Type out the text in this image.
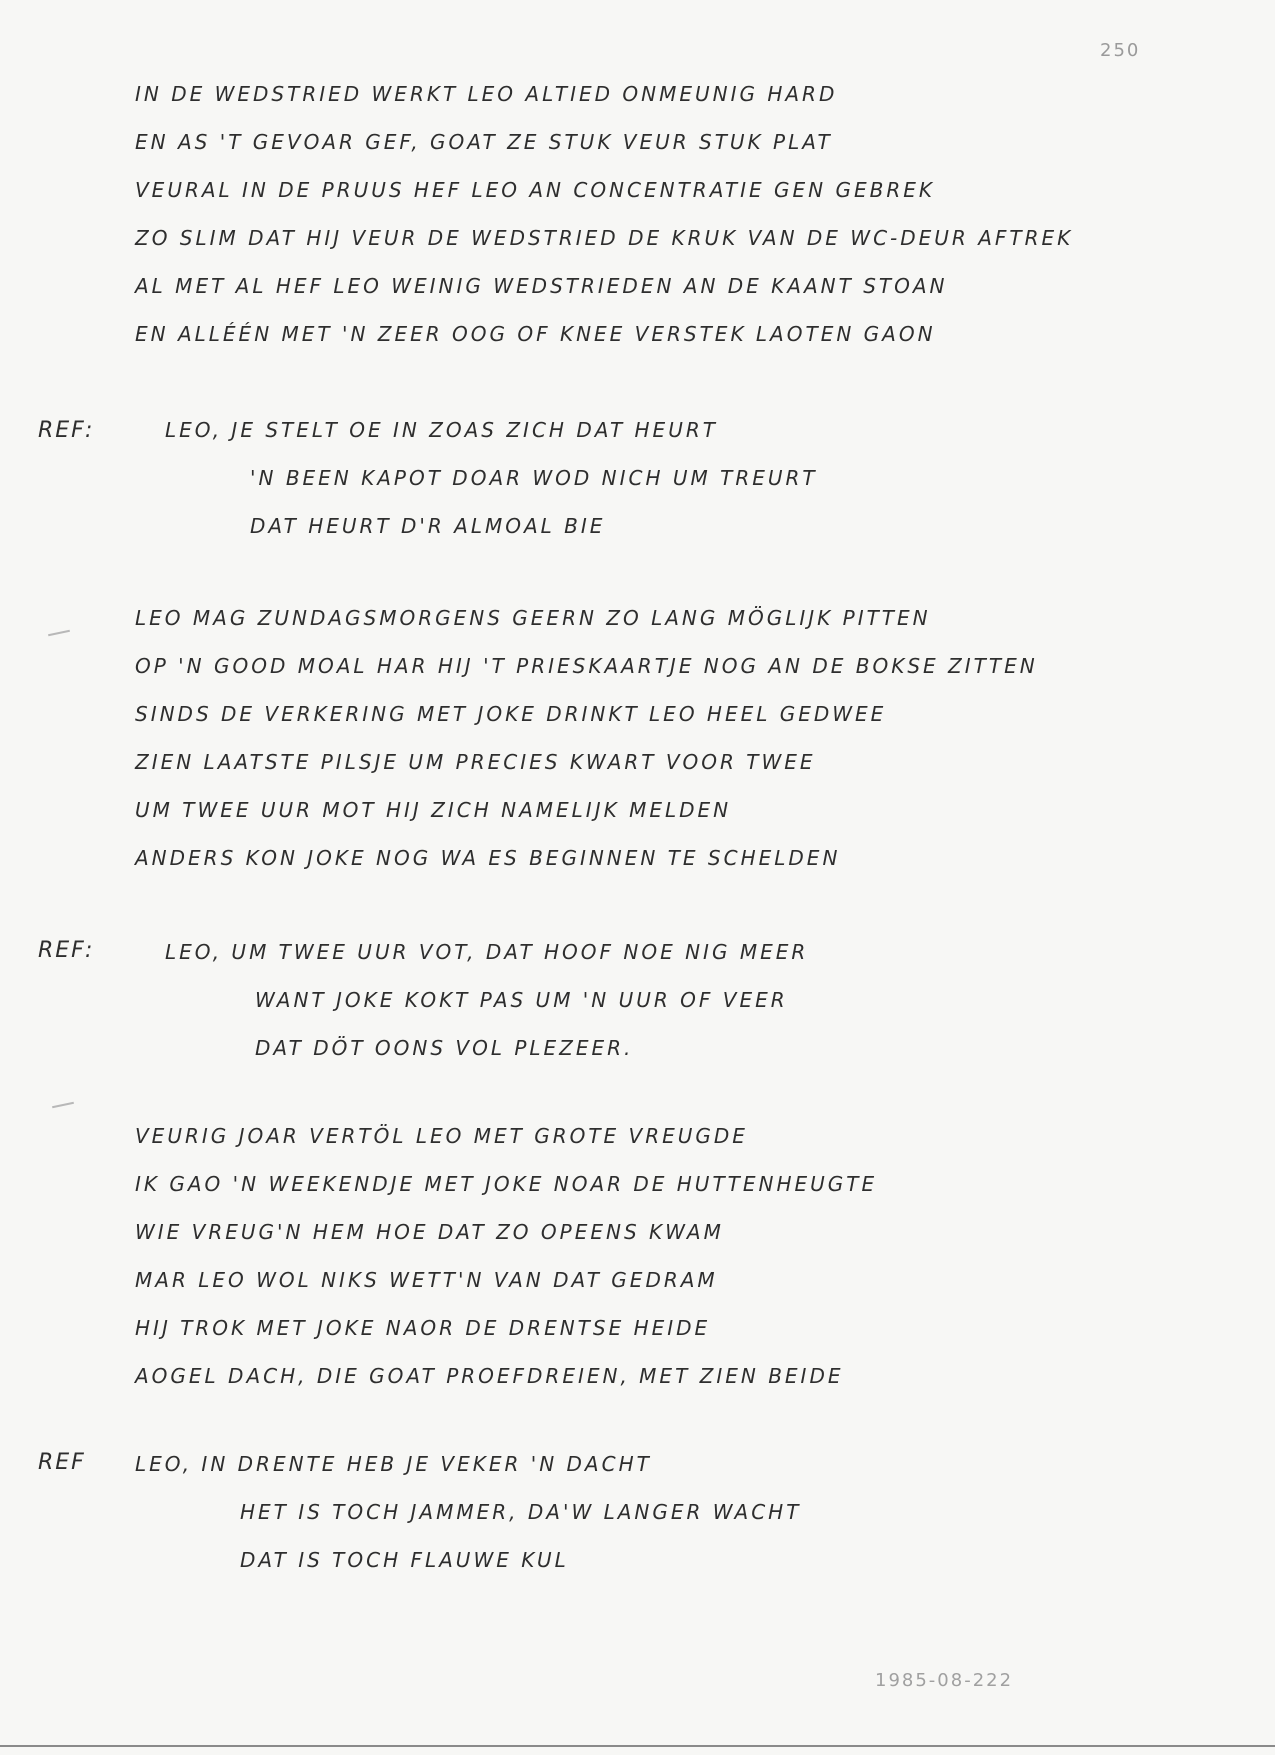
250
IN DE WEDSTRIED WERKT LEO ALTIED ONMEUNIG HARD
EN AS 'T GEVOAR GEF, GOAT ZE STUK VEUR STUK PLAT
VEURAL IN DE PRUUS HEF LEO AN CONCENTRATIE GEN GEBREK
ZO SLIM DAT HIJ VEUR DE WEDSTRIED DE KRUK VAN DE WC-DEUR AFTREK
AL MET AL HEF LEO WEINIG WEDSTRIEDEN AN DE KAANT STOAN
EN ALLÉÉN MET 'N ZEER OOG OF KNEE VERSTEK LAOTEN GAON
REF:	LEO, JE STELT OE IN ZOAS ZICH DAT HEURT
'N BEEN KAPOT DOAR WOD NICH UM TREURT
DAT HEURT D'R ALMOAL BIE
LEO MAG ZUNDAGSMORGENS GEERN ZO LANG MÖGLIJK PITTEN
OP 'N GOOD MOAL HAR HIJ 'T PRIESKAARTJE NOG AN DE BOKSE ZITTEN
SINDS DE VERKERING MET JOKE DRINKT LEO HEEL GEDWEE
ZIEN LAATSTE PILSJE UM PRECIES KWART VOOR TWEE
UM TWEE UUR MOT HIJ ZICH NAMELIJK MELDEN
ANDERS KON JOKE NOG WA ES BEGINNEN TE SCHELDEN
REF:	LEO, UM TWEE UUR VOT, DAT HOOF NOE NIG MEER
WANT JOKE KOKT PAS UM 'N UUR OF VEER
DAT DÖT OONS VOL PLEZEER.
VEURIG JOAR VERTÖL LEO MET GROTE VREUGDE
IK GAO 'N WEEKENDJE MET JOKE NOAR DE HUTTENHEUGTE
WIE VREUG'N HEM HOE DAT ZO OPEENS KWAM
MAR LEO WOL NIKS WETT'N VAN DAT GEDRAM
HIJ TROK MET JOKE NAOR DE DRENTSE HEIDE
AOGEL DACH, DIE GOAT PROEFDREIEN, MET ZIEN BEIDE
REF LEO, IN DRENTE HEB JE VEKER 'N DACHT
HET IS TOCH JAMMER, DA'W LANGER WACHT
DAT IS TOCH FLAUWE KUL
1985-08-222
